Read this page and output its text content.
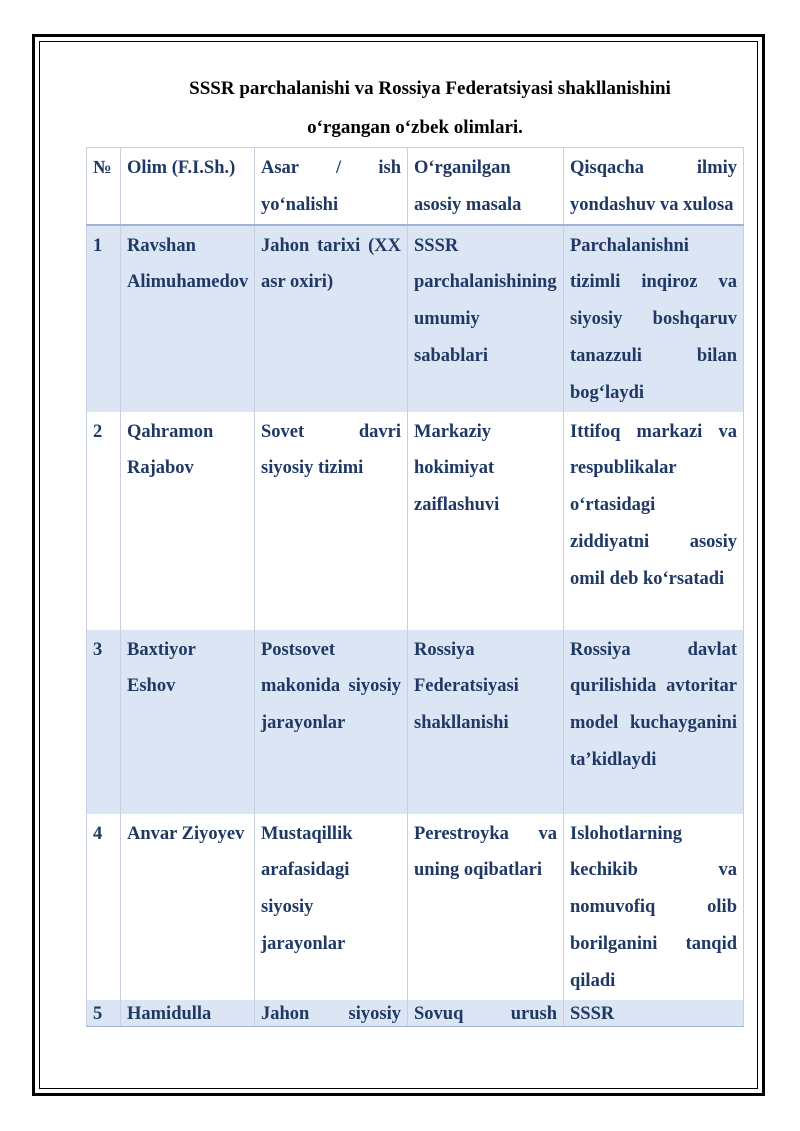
SSSR parchalanishi va Rossiya Federatsiyasi shakllanishini
o‘rgangan o‘zbek olimlari.
№	Olim (F.I.Sh.)	Asar / ish yo‘nalishi	O‘rganilgan asosiy masala	Qisqacha ilmiy yondashuv va xulosa
1	Ravshan Alimuhamedov	Jahon tarixi (XX asr oxiri)	SSSR parchalanishining umumiy sabablari	Parchalanishni tizimli inqiroz va siyosiy boshqaruv tanazzuli bilan bog‘laydi
2	Qahramon Rajabov	Sovet davri siyosiy tizimi	Markaziy hokimiyat zaiflashuvi	Ittifoq markazi va respublikalar o‘rtasidagi ziddiyatni asosiy omil deb ko‘rsatadi
3	Baxtiyor Eshov	Postsovet makonida siyosiy jarayonlar	Rossiya Federatsiyasi shakllanishi	Rossiya davlat qurilishida avtoritar model kuchayganini ta’kidlaydi
4	Anvar Ziyoyev	Mustaqillik arafasidagi siyosiy jarayonlar	Perestroyka va uning oqibatlari	Islohotlarning kechikib va nomuvofiq olib borilganini tanqid qiladi
5	Hamidulla	Jahon siyosiy	Sovuq urush	SSSR
